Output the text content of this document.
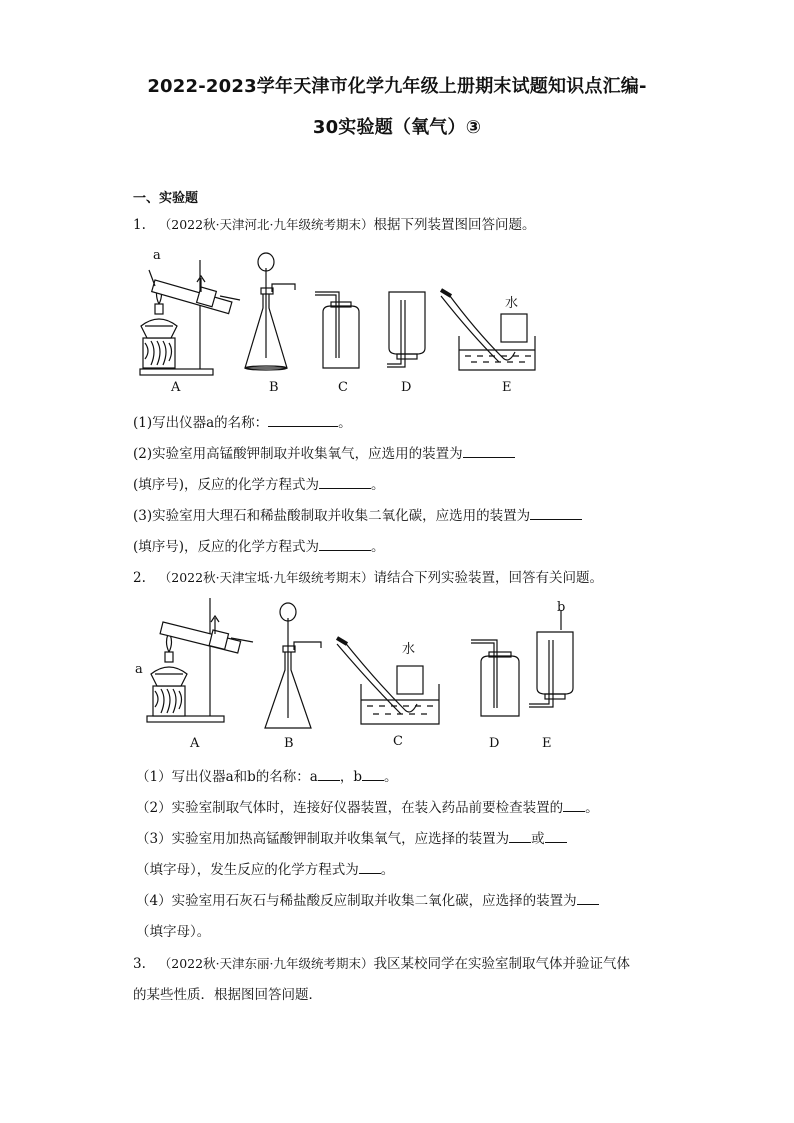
2022-2023学年天津市化学九年级上册期末试题知识点汇编-
30实验题（氧气）③
一、实验题
1. （2022秋·天津河北·九年级统考期末）根据下列装置图回答问题。
a
水
A	B	C	D	E
(1)写出仪器a的名称：	。
(2)实验室用高锰酸钾制取并收集氧气，应选用的装置为
(填序号)，反应的化学方程式为	。
(3)实验室用大理石和稀盐酸制取并收集二氧化碳，应选用的装置为
(填序号)，反应的化学方程式为	。
2. （2022秋·天津宝坻·九年级统考期末）请结合下列实验装置，回答有关问题。
a
b
水
A	B	C	D	E
（1）写出仪器a和b的名称：a ，b 。
（2）实验室制取气体时，连接好仪器装置，在装入药品前要检查装置的 。
（3）实验室用加热高锰酸钾制取并收集氧气，应选择的装置为 或
（填字母），发生反应的化学方程式为 。
（4）实验室用石灰石与稀盐酸反应制取并收集二氧化碳，应选择的装置为
（填字母）。
3. （2022秋·天津东丽·九年级统考期末）我区某校同学在实验室制取气体并验证气体
的某些性质．根据图回答问题．
